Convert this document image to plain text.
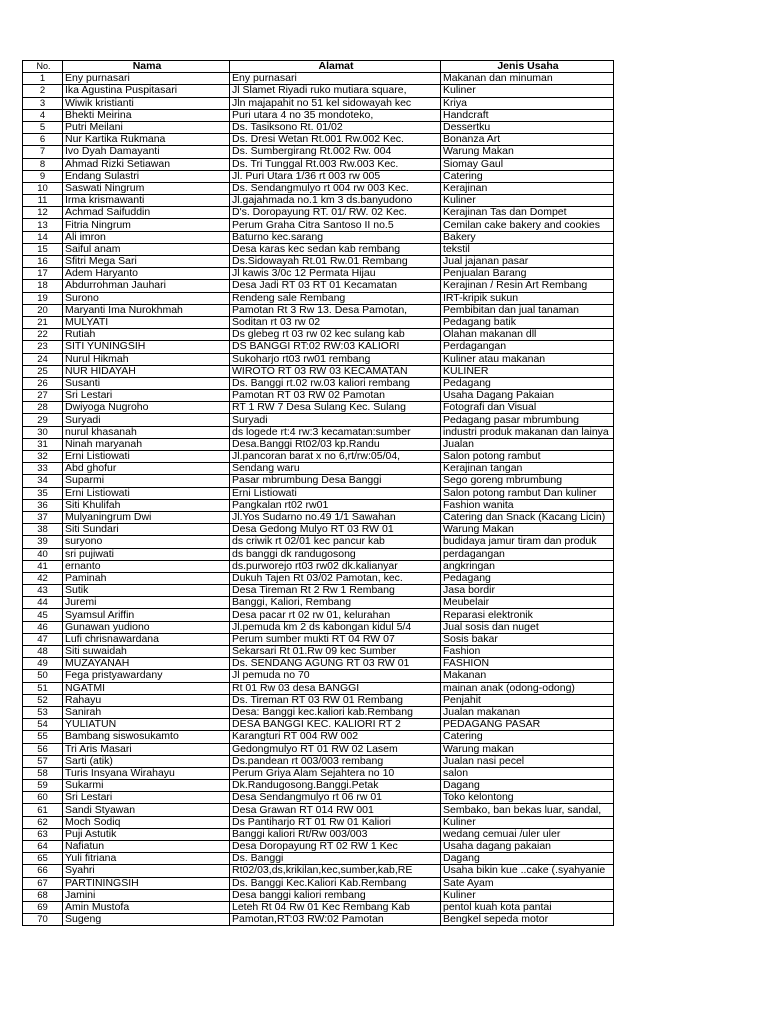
No.	Nama	Alamat	Jenis Usaha
1	Eny purnasari	Eny purnasari	Makanan dan minuman
2	Ika Agustina Puspitasari	Jl Slamet Riyadi ruko mutiara square,	Kuliner
3	Wiwik kristianti	Jln majapahit no 51 kel sidowayah kec	Kriya
4	Bhekti Meirina	Puri utara 4 no 35 mondoteko,	Handcraft
5	Putri Meilani	Ds. Tasiksono Rt. 01/02	Dessertku
6	Nur Kartika Rukmana	Ds. Dresi Wetan Rt.001 Rw.002 Kec.	Bonanza Art
7	Ivo Dyah Damayanti	Ds. Sumbergirang Rt.002 Rw. 004	Warung Makan
8	Ahmad Rizki Setiawan	Ds. Tri Tunggal Rt.003 Rw.003 Kec.	Siomay Gaul
9	Endang Sulastri	Jl. Puri Utara 1/36 rt 003 rw 005	Catering
10	Saswati Ningrum	Ds. Sendangmulyo rt 004 rw 003 Kec.	Kerajinan
11	Irma krismawanti	Jl.gajahmada no.1 km 3 ds.banyudono	Kuliner
12	Achmad Saifuddin	D's. Doropayung RT. 01/ RW. 02 Kec.	Kerajinan Tas dan Dompet
13	Fitria Ningrum	Perum Graha Citra Santoso II no.5	Cemilan cake bakery and cookies
14	Ali imron	Baturno kec.sarang	Bakery
15	Saiful anam	Desa karas kec sedan kab rembang	tekstil
16	Sfitri Mega Sari	Ds.Sidowayah Rt.01 Rw.01 Rembang	Jual jajanan pasar
17	Adem Haryanto	Jl kawis 3/0c 12 Permata Hijau	Penjualan Barang
18	Abdurrohman Jauhari	Desa Jadi RT 03 RT 01 Kecamatan	Kerajinan / Resin Art Rembang
19	Surono	Rendeng sale Rembang	IRT-kripik sukun
20	Maryanti Ima Nurokhmah	Pamotan Rt 3 Rw 13. Desa Pamotan,	Pembibitan dan jual tanaman
21	MULYATI	Soditan rt 03 rw 02	Pedagang batik
22	Rutiah	Ds glebeg rt 03 rw 02 kec sulang kab	Olahan makanan dll
23	SITI YUNINGSIH	DS BANGGI RT:02 RW:03 KALIORI	Perdagangan
24	Nurul Hikmah	Sukoharjo rt03 rw01 rembang	Kuliner atau makanan
25	NUR HIDAYAH	WIROTO RT 03 RW 03 KECAMATAN	KULINER
26	Susanti	Ds. Banggi rt.02 rw.03 kaliori rembang	Pedagang
27	Sri Lestari	Pamotan RT 03 RW 02 Pamotan	Usaha Dagang Pakaian
28	Dwiyoga Nugroho	RT 1 RW 7 Desa Sulang Kec. Sulang	Fotografi dan Visual
29	Suryadi	Suryadi	Pedagang pasar mbrumbung
30	nurul khasanah	ds logede rt:4 rw:3 kecamatan:sumber	industri produk makanan dan lainya
31	Ninah maryanah	Desa.Banggi Rt02/03 kp.Randu	Jualan
32	Erni Listiowati	Jl.pancoran barat x no 6,rt/rw:05/04,	Salon potong rambut
33	Abd ghofur	Sendang waru	Kerajinan tangan
34	Suparmi	Pasar mbrumbung Desa Banggi	Sego goreng mbrumbung
35	Erni Listiowati	Erni Listiowati	Salon potong rambut Dan kuliner
36	Siti Khulifah	Pangkalan rt02 rw01	Fashion wanita
37	Mulyaningrum Dwi	Jl.Yos Sudarno no.49 1/1 Sawahan	Catering dan Snack (Kacang Licin)
38	Siti Sundari	Desa Gedong Mulyo RT 03 RW 01	Warung Makan
39	suryono	ds criwik rt 02/01 kec pancur kab	budidaya jamur tiram dan produk
40	sri pujiwati	ds banggi dk randugosong	perdagangan
41	ernanto	ds.purworejo rt03 rw02 dk.kalianyar	angkringan
42	Paminah	Dukuh Tajen Rt 03/02 Pamotan, kec.	Pedagang
43	Sutik	Desa Tireman Rt 2 Rw 1 Rembang	Jasa bordir
44	Juremi	Banggi, Kaliori, Rembang	Meubelair
45	Syamsul Ariffin	Desa pacar rt 02 rw 01, kelurahan	Reparasi elektronik
46	Gunawan yudiono	Jl.pemuda km 2 ds kabongan kidul 5/4	Jual sosis dan nuget
47	Lufi chrisnawardana	Perum sumber mukti RT 04 RW 07	Sosis bakar
48	Siti suwaidah	Sekarsari Rt 01.Rw 09 kec Sumber	Fashion
49	MUZAYANAH	Ds. SENDANG AGUNG RT 03 RW 01	FASHION
50	Fega pristyawardany	Jl pemuda no 70	Makanan
51	NGATMI	Rt 01 Rw 03 desa BANGGI	mainan anak (odong-odong)
52	Rahayu	Ds. Tireman RT 03 RW 01 Rembang	Penjahit
53	Sanirah	Desa: Banggi kec.kaliori kab.Rembang	Jualan makanan
54	YULIATUN	DESA BANGGI KEC. KALIORI RT 2	PEDAGANG PASAR
55	Bambang siswosukamto	Karangturi RT 004 RW 002	Catering
56	Tri Aris Masari	Gedongmulyo RT 01 RW 02 Lasem	Warung makan
57	Sarti (atik)	Ds.pandean rt 003/003 rembang	Jualan nasi pecel
58	Turis Insyana Wirahayu	Perum Griya Alam Sejahtera no 10	salon
59	Sukarmi	Dk.Randugosong.Banggi.Petak	Dagang
60	Sri Lestari	Desa Sendangmulyo rt 06 rw 01	Toko kelontong
61	Sandi Styawan	Desa Grawan RT 014 RW 001	Sembako, ban bekas luar, sandal,
62	Moch Sodiq	Ds Pantiharjo RT 01 Rw 01 Kaliori	Kuliner
63	Puji Astutik	Banggi kaliori Rt/Rw 003/003	wedang cemuai /uler uler
64	Nafiatun	Desa Doropayung RT 02 RW 1 Kec	Usaha dagang pakaian
65	Yuli fitriana	Ds. Banggi	Dagang
66	Syahri	Rt02/03,ds,krikilan,kec,sumber,kab,RE	Usaha bikin kue ..cake (.syahyanie
67	PARTININGSIH	Ds. Banggi Kec.Kaliori Kab.Rembang	Sate Ayam
68	Jamini	Desa banggi kaliori rembang	Kuliner
69	Amin Mustofa	Leteh Rt 04 Rw 01 Kec Rembang Kab	pentol kuah kota pantai
70	Sugeng	Pamotan,RT:03 RW:02 Pamotan	Bengkel sepeda motor
